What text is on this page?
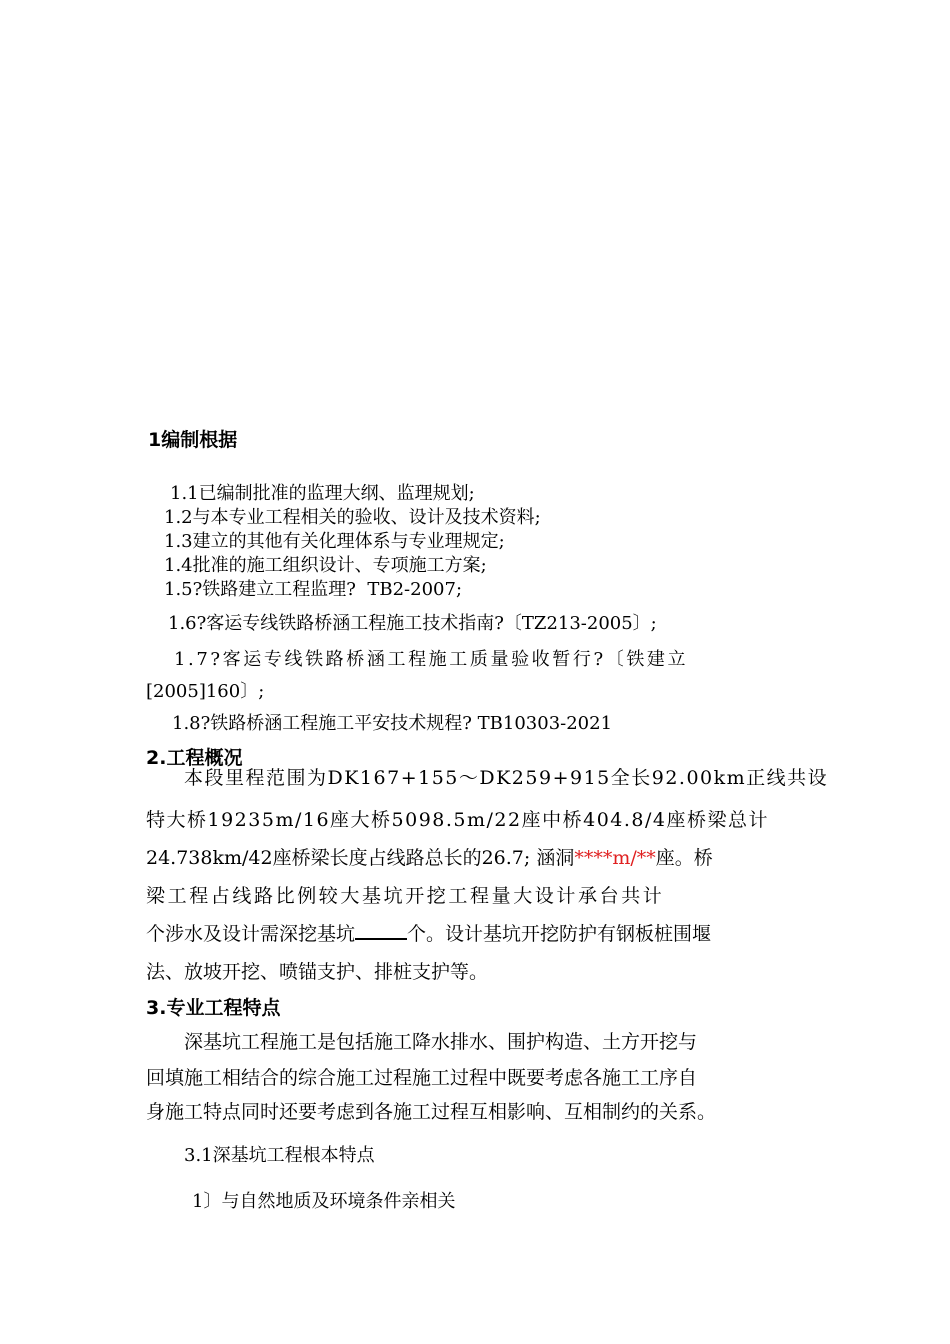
1编制根据
1.1已编制批准的监理大纲、监理规划;
1.2与本专业工程相关的验收、设计及技术资料;
1.3建立的其他有关化理体系与专业理规定;
1.4批准的施工组织设计、专项施工方案;
1.5?铁路建立工程监理?  TB2-2007;
1.6?客运专线铁路桥涵工程施工技术指南?〔TZ213-2005〕;
1.7?客运专线铁路桥涵工程施工质量验收暂行?〔铁建立
[2005]160〕;
1.8?铁路桥涵工程施工平安技术规程? TB10303-2021
2.工程概况
本段里程范围为DK167+155～DK259+915全长92.00km正线共设
特大桥19235m/16座大桥5098.5m/22座中桥404.8/4座桥梁总计
24.738km/42座桥梁长度占线路总长的26.7; 涵洞****m/**座。桥
梁工程占线路比例较大基坑开挖工程量大设计承台共计
个涉水及设计需深挖基坑	个。设计基坑开挖防护有钢板桩围堰
法、放坡开挖、喷锚支护、排桩支护等。
3.专业工程特点
深基坑工程施工是包括施工降水排水、围护构造、土方开挖与
回填施工相结合的综合施工过程施工过程中既要考虑各施工工序自
身施工特点同时还要考虑到各施工过程互相影响、互相制约的关系。
3.1深基坑工程根本特点
1〕与自然地质及环境条件亲相关
